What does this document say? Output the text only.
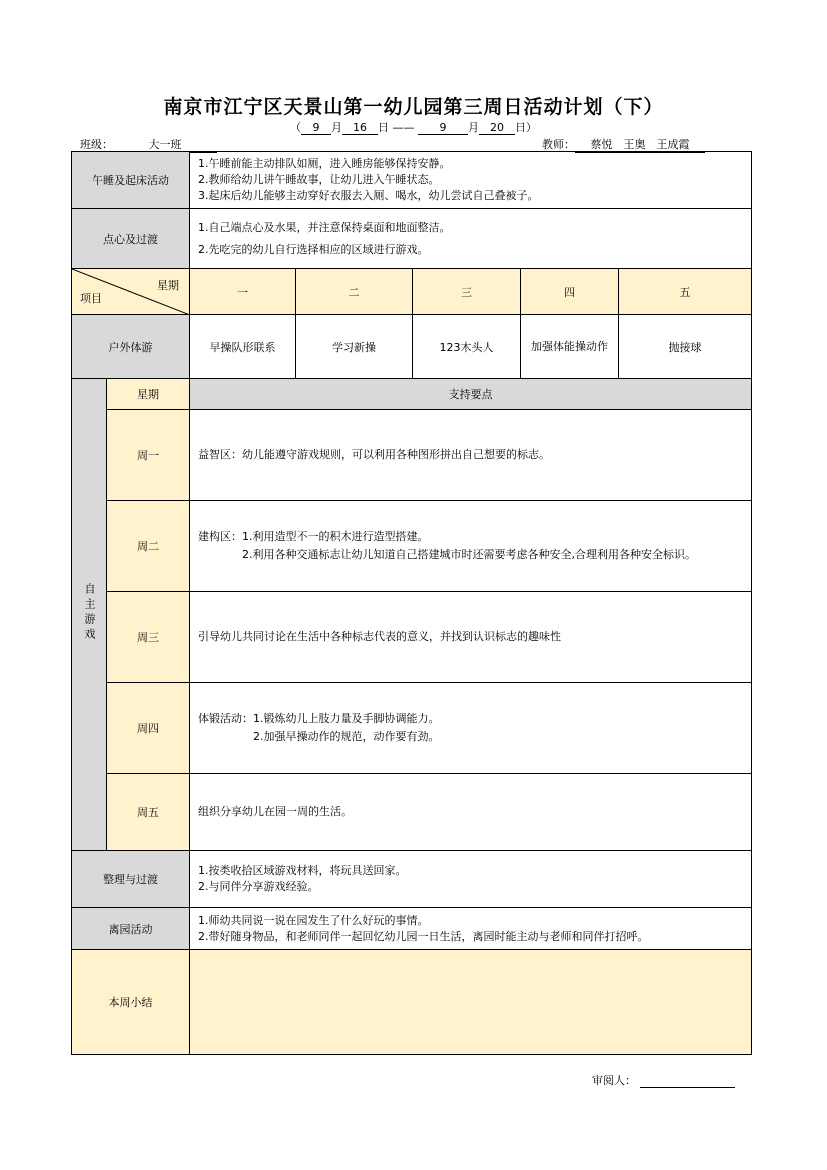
南京市江宁区天景山第一幼儿园第三周日活动计划（下）
（ 9 月 16 日 —— 9 月 20 日）
班级：	大一班	教师： 蔡悦　王奥　王成霞
午睡及起床活动		1.午睡前能主动排队如厕，进入睡房能够保持安静。
2.教师给幼儿讲午睡故事，让幼儿进入午睡状态。
3.起床后幼儿能够主动穿好衣服去入厕、喝水，幼儿尝试自己叠被子。				

点心及过渡		1.自己端点心及水果，并注意保持桌面和地面整洁。
2.先吃完的幼儿自行选择相应的区域进行游戏。				

星期
项目		一	二	三	四	五
户外体游		早操队形联系	学习新操	123木头人	加强体能操动作	抛接球
自主游戏	星期	支持要点				
	周一	益智区：幼儿能遵守游戏规则，可以利用各种图形拼出自己想要的标志。				

	周二	建构区：1.利用造型不一的积木进行造型搭建。
　　　　2.利用各种交通标志让幼儿知道自己搭建城市时还需要考虑各种安全,合理利用各种安全标识。				

	周三	引导幼儿共同讨论在生活中各种标志代表的意义，并找到认识标志的趣味性				

	周四	体锻活动：1.锻炼幼儿上肢力量及手脚协调能力。
　　　　　2.加强早操动作的规范，动作要有劲。				

	周五	组织分享幼儿在园一周的生活。				

整理与过渡		1.按类收拾区域游戏材料，将玩具送回家。
2.与同伴分享游戏经验。				

离园活动		1.师幼共同说一说在园发生了什么好玩的事情。
2.带好随身物品，和老师同伴一起回忆幼儿园一日生活，离园时能主动与老师和同伴打招呼。				

本周小结						
审阅人：
